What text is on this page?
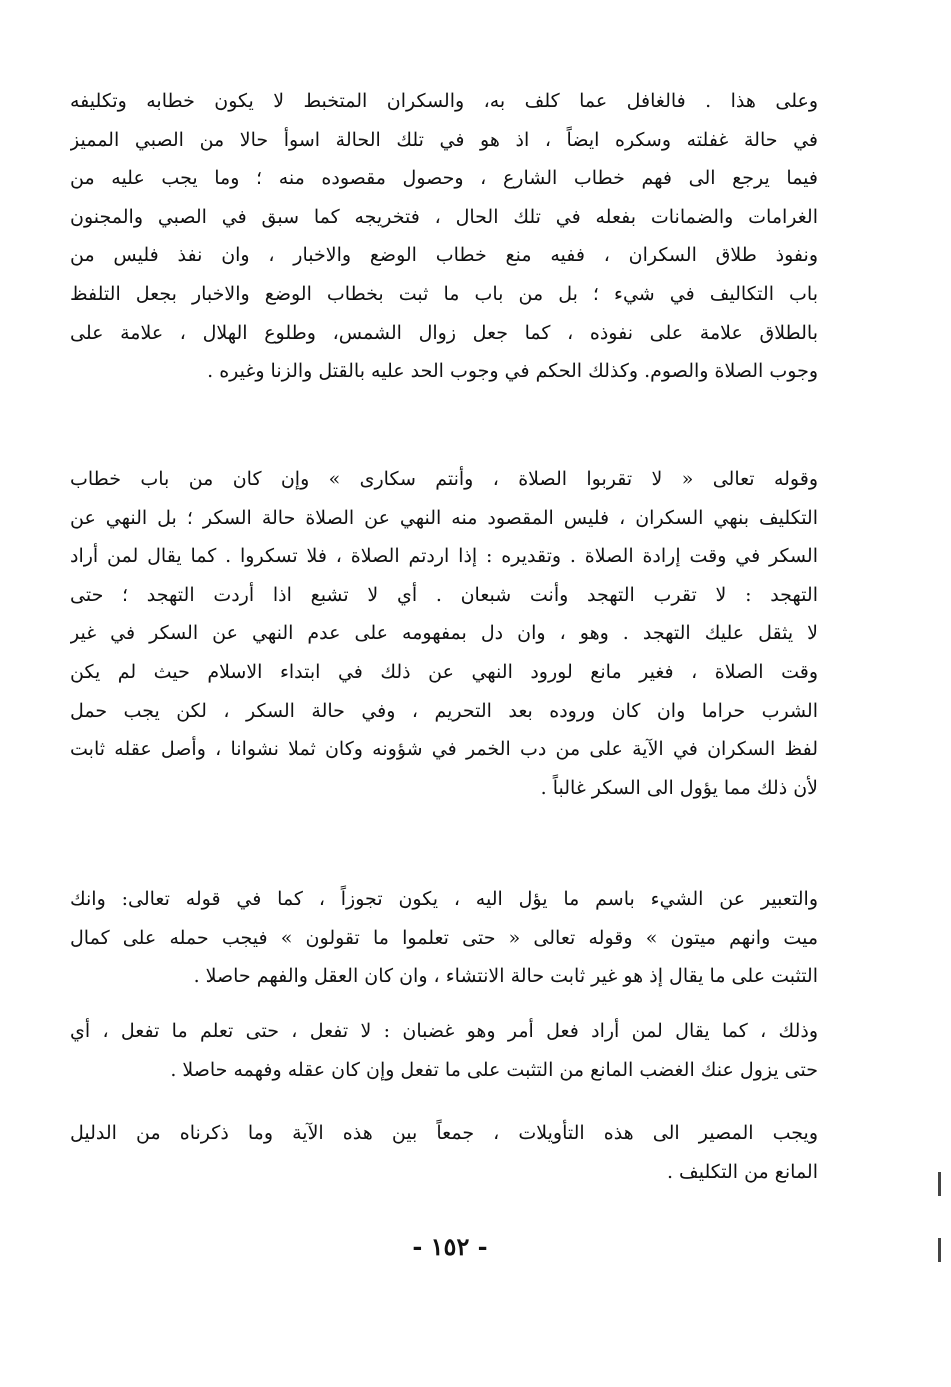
وعلى هذا . فالغافل عما كلف به، والسكران المتخبط لا يكون خطابه وتكليفه
في حالة غفلته وسكره ايضاً ، اذ هو في تلك الحالة اسوأ حالا من الصبي المميز
فيما يرجع الى فهم خطاب الشارع ، وحصول مقصوده منه ؛ وما يجب عليه من
الغرامات والضمانات بفعله في تلك الحال ، فتخريجه كما سبق في الصبي والمجنون
ونفوذ طلاق السكران ، ففيه منع خطاب الوضع والاخبار ، وان نفذ فليس من
باب التكاليف في شيء ؛ بل من باب ما ثبت بخطاب الوضع والاخبار بجعل التلفظ
بالطلاق علامة على نفوذه ، كما جعل زوال الشمس، وطلوع الهلال ، علامة على
وجوب الصلاة والصوم. وكذلك الحكم في وجوب الحد عليه بالقتل والزنا وغيره .
وقوله تعالى « لا تقربوا الصلاة ، وأنتم سكارى » وإن كان من باب خطاب
التكليف بنهي السكران ، فليس المقصود منه النهي عن الصلاة حالة السكر ؛ بل النهي عن
السكر في وقت إرادة الصلاة . وتقديره : إذا اردتم الصلاة ، فلا تسكروا . كما يقال لمن أراد
التهجد : لا تقرب التهجد وأنت شبعان . أي لا تشبع اذا أردت التهجد ؛ حتى
لا يثقل عليك التهجد . وهو ، وان دل بمفهومه على عدم النهي عن السكر في غير
وقت الصلاة ، فغير مانع لورود النهي عن ذلك في ابتداء الاسلام حيث لم يكن
الشرب حراما وان كان وروده بعد التحريم ، وفي حالة السكر ، لكن يجب حمل
لفظ السكران في الآية على من دب الخمر في شؤونه وكان ثملا نشوانا ، وأصل عقله ثابت
لأن ذلك مما يؤول الى السكر غالباً .
والتعبير عن الشيء باسم ما يؤل اليه ، يكون تجوزاً ، كما في قوله تعالى: وانك
ميت وانهم ميتون » وقوله تعالى « حتى تعلموا ما تقولون » فيجب حمله على كمال
التثبت على ما يقال إذ هو غير ثابت حالة الانتشاء ، وان كان العقل والفهم حاصلا .
وذلك ، كما يقال لمن أراد فعل أمر وهو غضبان : لا تفعل ، حتى تعلم ما تفعل ، أي
حتى يزول عنك الغضب المانع من التثبت على ما تفعل وإن كان عقله وفهمه حاصلا .
ويجب المصير الى هذه التأويلات ، جمعاً بين هذه الآية وما ذكرناه من الدليل
المانع من التكليف .
- ١٥٢ -
